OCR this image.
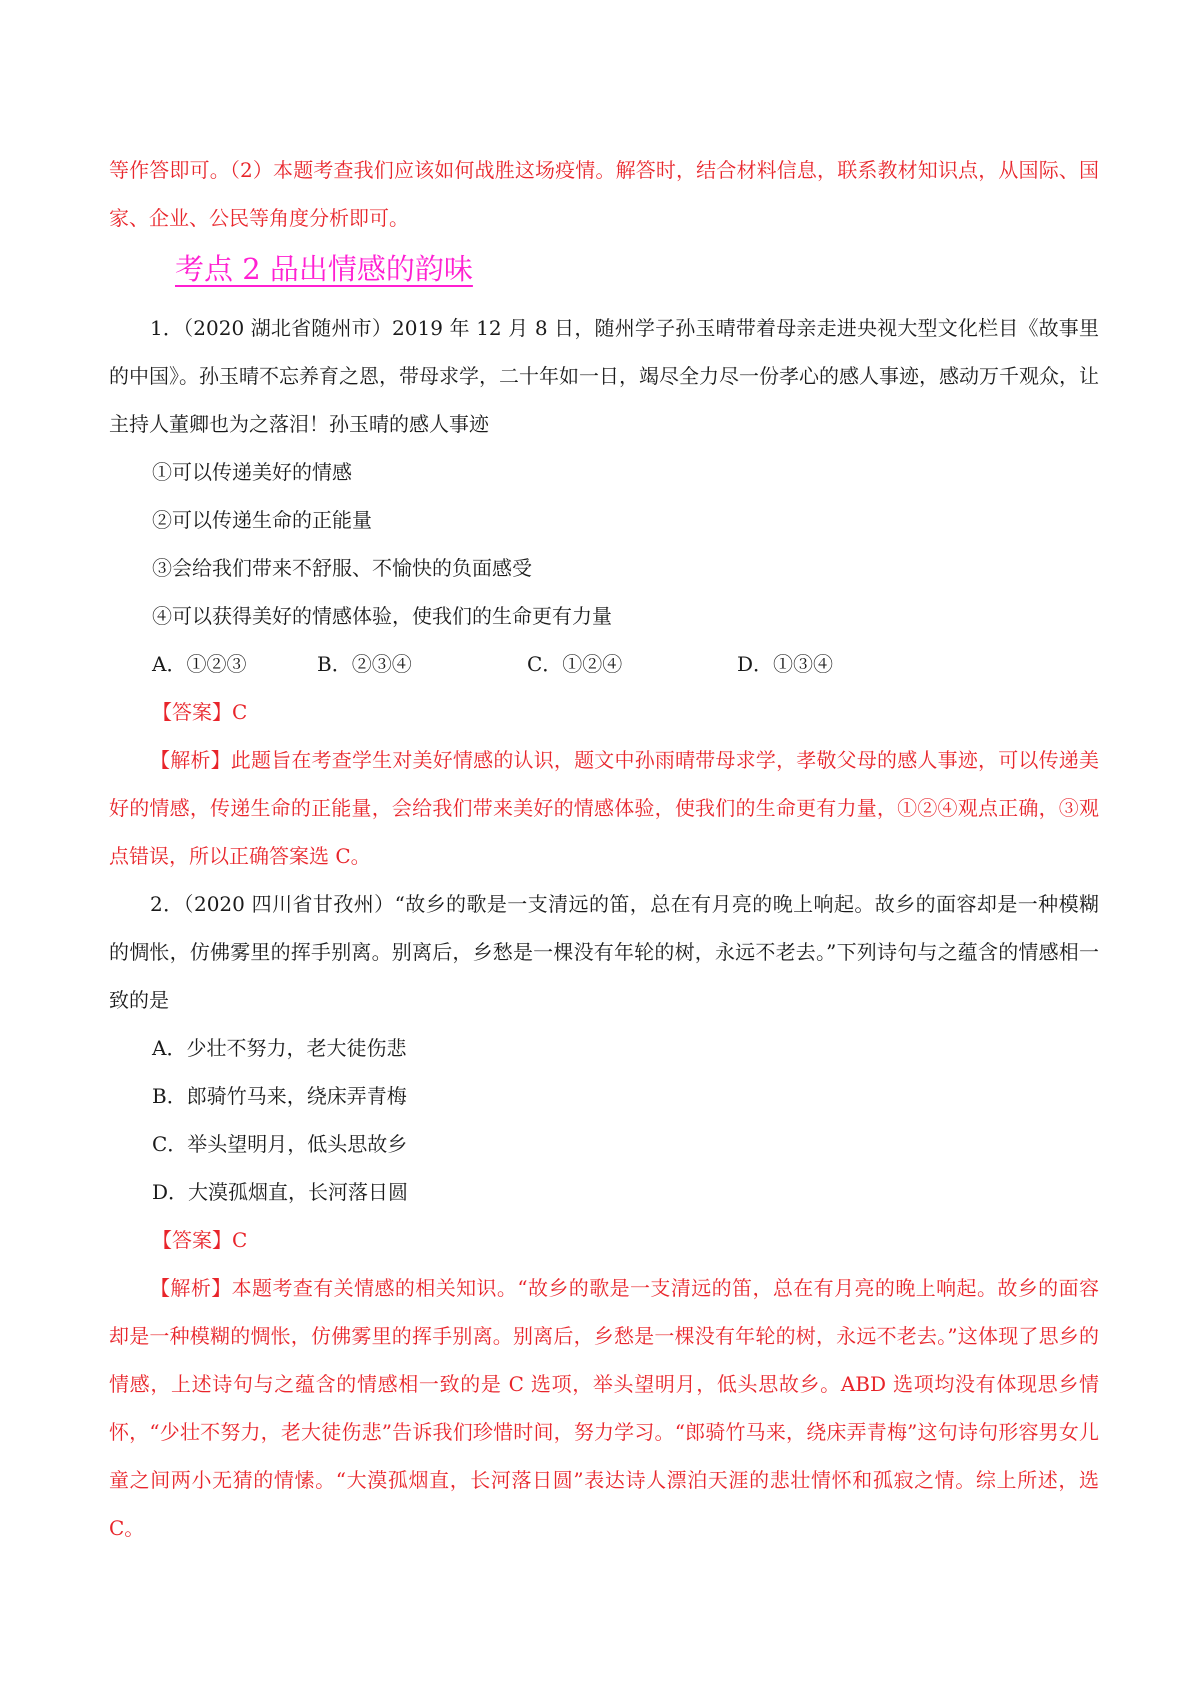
等作答即可。（2）本题考查我们应该如何战胜这场疫情。解答时，结合材料信息，联系教材知识点，从国际、国家、企业、公民等角度分析即可。

考点 2 品出情感的韵味

1．（2020 湖北省随州市）2019 年 12 月 8 日，随州学子孙玉晴带着母亲走进央视大型文化栏目《故事里的中国》。孙玉晴不忘养育之恩，带母求学，二十年如一日，竭尽全力尽一份孝心的感人事迹，感动万千观众，让主持人董卿也为之落泪！孙玉晴的感人事迹

①可以传递美好的情感

②可以传递生命的正能量

③会给我们带来不舒服、不愉快的负面感受

④可以获得美好的情感体验，使我们的生命更有力量

A．①②③	B．②③④	C．①②④	D．①③④

【答案】C

【解析】此题旨在考查学生对美好情感的认识，题文中孙雨晴带母求学，孝敬父母的感人事迹，可以传递美好的情感，传递生命的正能量，会给我们带来美好的情感体验，使我们的生命更有力量，①②④观点正确，③观点错误，所以正确答案选 C。

2．（2020 四川省甘孜州）“故乡的歌是一支清远的笛，总在有月亮的晚上响起。故乡的面容却是一种模糊的惆怅，仿佛雾里的挥手别离。别离后，乡愁是一棵没有年轮的树，永远不老去。”下列诗句与之蕴含的情感相一致的是

A．少壮不努力，老大徒伤悲

B．郎骑竹马来，绕床弄青梅

C．举头望明月，低头思故乡

D．大漠孤烟直，长河落日圆

【答案】C

【解析】本题考查有关情感的相关知识。“故乡的歌是一支清远的笛，总在有月亮的晚上响起。故乡的面容却是一种模糊的惆怅，仿佛雾里的挥手别离。别离后，乡愁是一棵没有年轮的树，永远不老去。”这体现了思乡的情感，上述诗句与之蕴含的情感相一致的是 C 选项，举头望明月，低头思故乡。ABD 选项均没有体现思乡情怀，“少壮不努力，老大徒伤悲”告诉我们珍惜时间，努力学习。“郎骑竹马来，绕床弄青梅”这句诗句形容男女儿童之间两小无猜的情愫。“大漠孤烟直，长河落日圆”表达诗人漂泊天涯的悲壮情怀和孤寂之情。综上所述，选 C。
